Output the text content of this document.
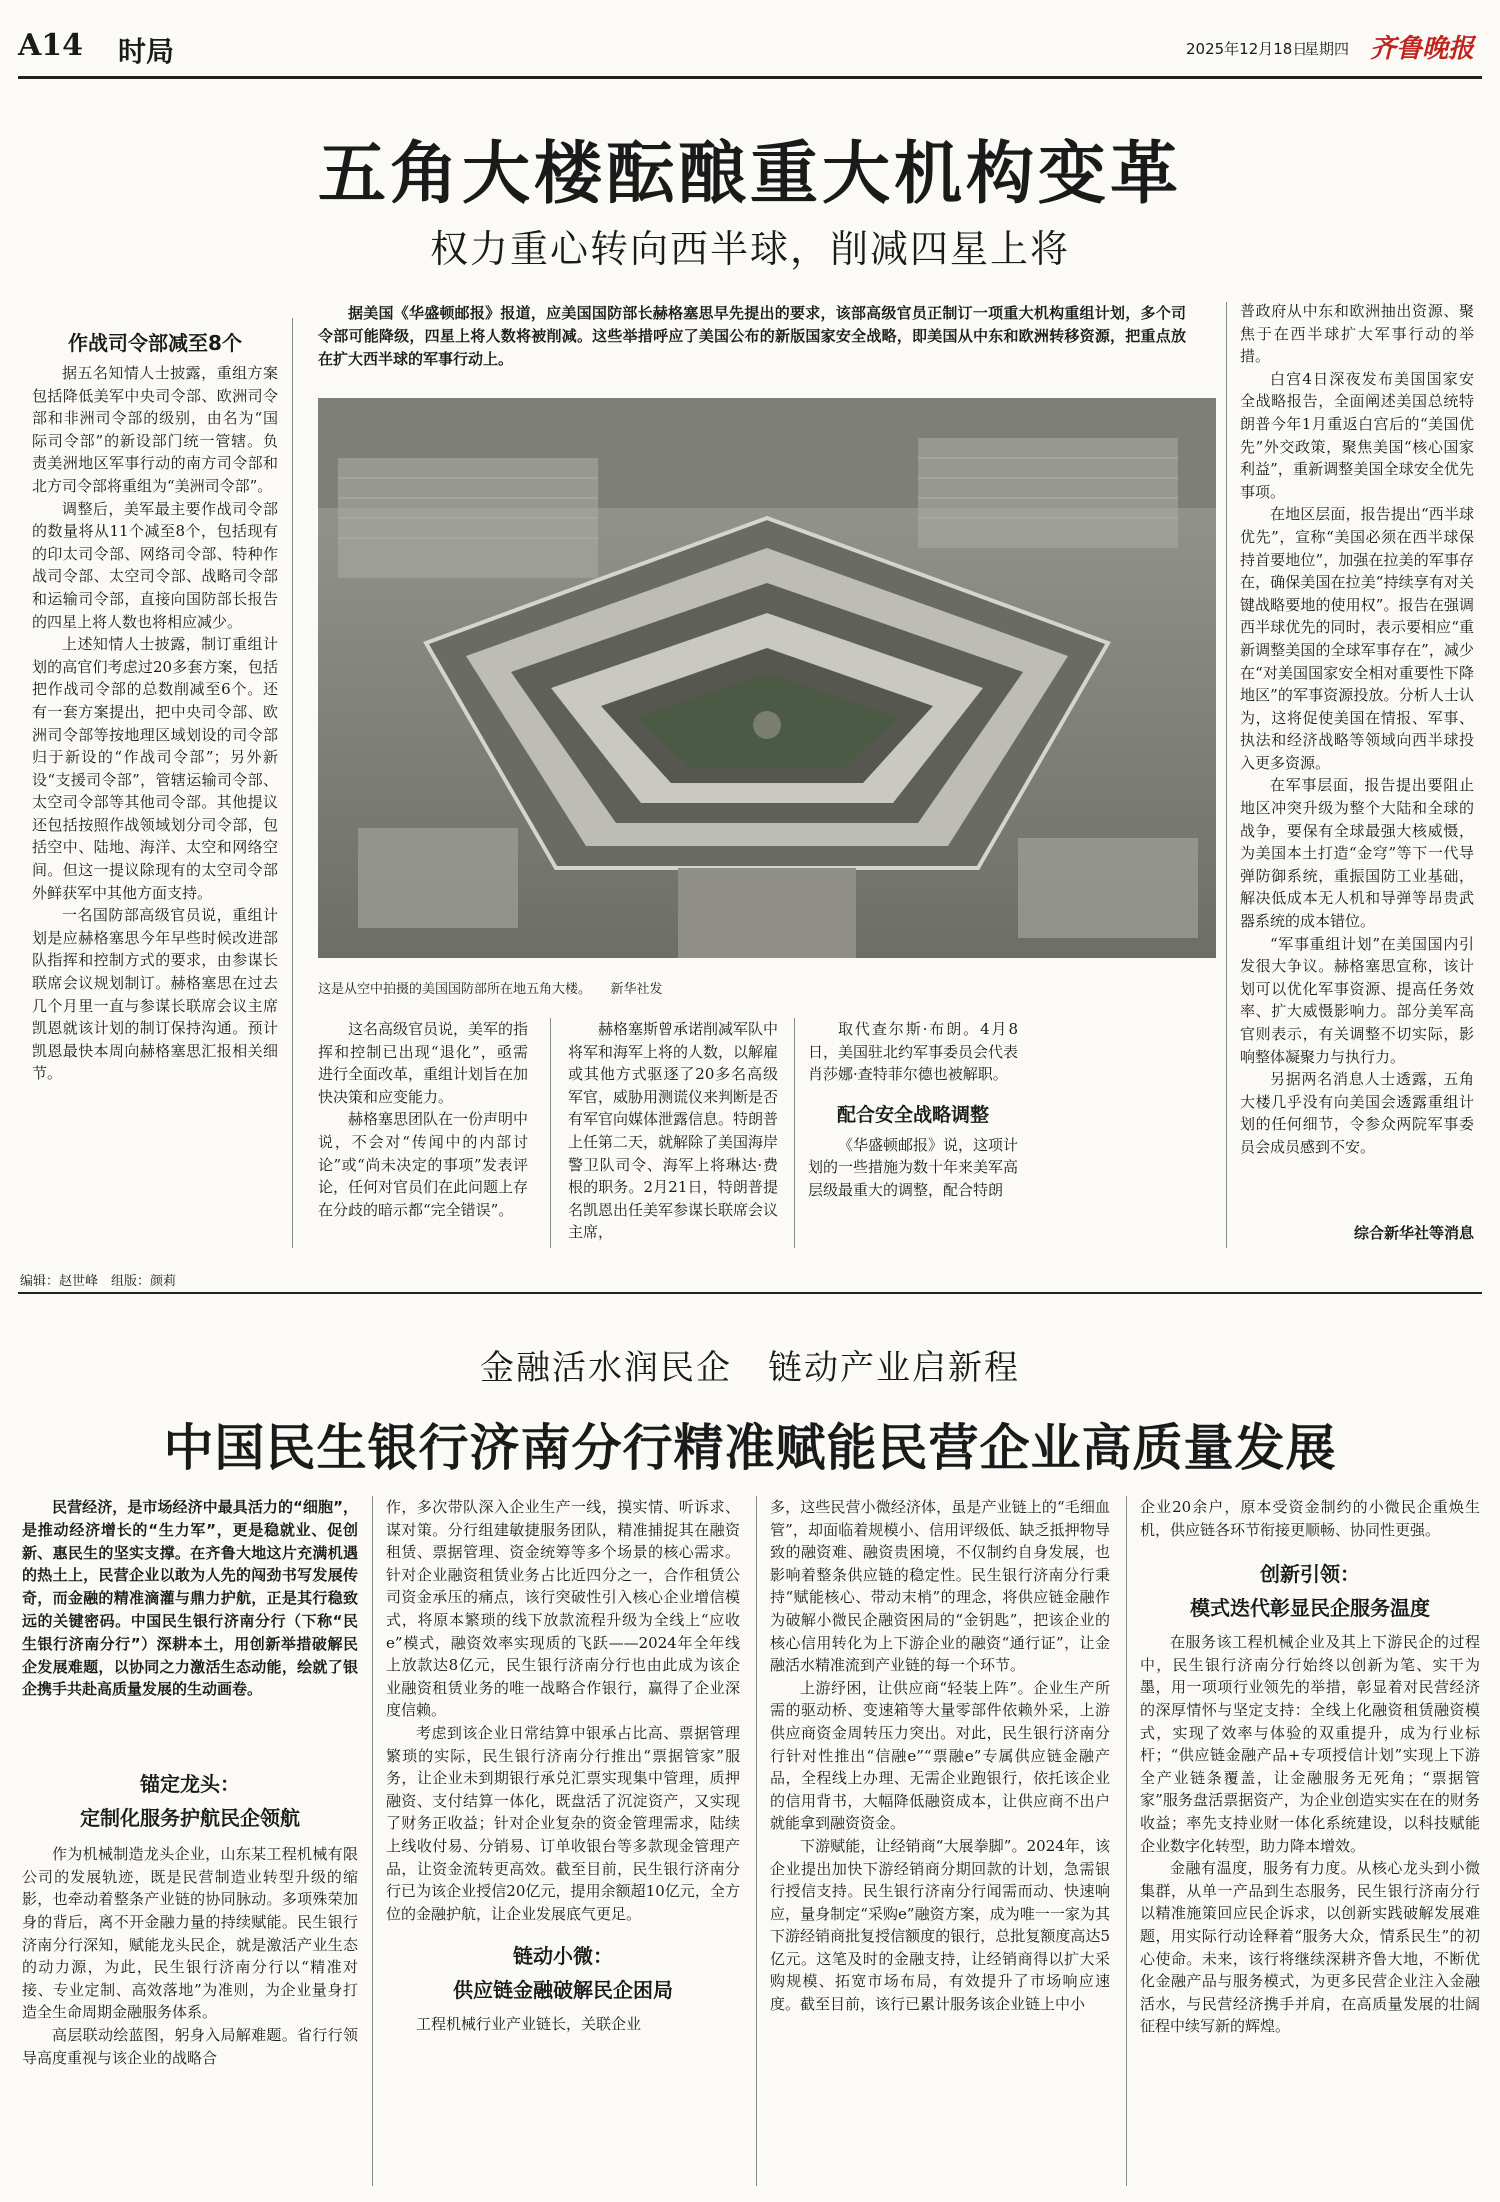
A14 时局	2025年12月18日
星期四 齐鲁晚报
五角大楼酝酿重大机构变革
权力重心转向西半球，削减四星上将
作战司令部减至8个

据五名知情人士披露，重组方案包括降低美军中央司令部、欧洲司令部和非洲司令部的级别，由名为“国际司令部”的新设部门统一管辖。负责美洲地区军事行动的南方司令部和北方司令部将重组为“美洲司令部”。

调整后，美军最主要作战司令部的数量将从11个减至8个，包括现有的印太司令部、网络司令部、特种作战司令部、太空司令部、战略司令部和运输司令部，直接向国防部长报告的四星上将人数也将相应减少。

上述知情人士披露，制订重组计划的高官们考虑过20多套方案，包括把作战司令部的总数削减至6个。还有一套方案提出，把中央司令部、欧洲司令部等按地理区域划设的司令部归于新设的“作战司令部”；另外新设“支援司令部”，管辖运输司令部、太空司令部等其他司令部。其他提议还包括按照作战领域划分司令部，包括空中、陆地、海洋、太空和网络空间。但这一提议除现有的太空司令部外鲜获军中其他方面支持。

一名国防部高级官员说，重组计划是应赫格塞思今年早些时候改进部队指挥和控制方式的要求，由参谋长联席会议规划制订。赫格塞思在过去几个月里一直与参谋长联席会议主席凯恩就该计划的制订保持沟通。预计凯恩最快本周向赫格塞思汇报相关细节。

据美国《华盛顿邮报》报道，应美国国防部长赫格塞思早先提出的要求，该部高级官员正制订一项重大机构重组计划，多个司令部可能降级，四星上将人数将被削减。这些举措呼应了美国公布的新版国家安全战略，即美国从中东和欧洲转移资源，把重点放在扩大西半球的军事行动上。
这是从空中拍摄的美国国防部所在地五角大楼。　　新华社发

这名高级官员说，美军的指挥和控制已出现“退化”，亟需进行全面改革，重组计划旨在加快决策和应变能力。

赫格塞思团队在一份声明中说，不会对“传闻中的内部讨论”或“尚未决定的事项”发表评论，任何对官员们在此问题上存在分歧的暗示都“完全错误”。

赫格塞斯曾承诺削减军队中将军和海军上将的人数，以解雇或其他方式驱逐了20多名高级军官，威胁用测谎仪来判断是否有军官向媒体泄露信息。特朗普上任第二天，就解除了美国海岸警卫队司令、海军上将琳达·费根的职务。2月21日，特朗普提名凯恩出任美军参谋长联席会议主席，

取代查尔斯·布朗。4月8日，美国驻北约军事委员会代表肖莎娜·查特菲尔德也被解职。

配合安全战略调整

《华盛顿邮报》说，这项计划的一些措施为数十年来美军高层级最重大的调整，配合特朗

普政府从中东和欧洲抽出资源、聚焦于在西半球扩大军事行动的举措。

白宫4日深夜发布美国国家安全战略报告，全面阐述美国总统特朗普今年1月重返白宫后的“美国优先”外交政策，聚焦美国“核心国家利益”，重新调整美国全球安全优先事项。

在地区层面，报告提出“西半球优先”，宣称“美国必须在西半球保持首要地位”，加强在拉美的军事存在，确保美国在拉美“持续享有对关键战略要地的使用权”。报告在强调西半球优先的同时，表示要相应“重新调整美国的全球军事存在”，减少在“对美国国家安全相对重要性下降地区”的军事资源投放。分析人士认为，这将促使美国在情报、军事、执法和经济战略等领域向西半球投入更多资源。

在军事层面，报告提出要阻止地区冲突升级为整个大陆和全球的战争，要保有全球最强大核威慑，为美国本土打造“金穹”等下一代导弹防御系统，重振国防工业基础，解决低成本无人机和导弹等昂贵武器系统的成本错位。

“军事重组计划”在美国国内引发很大争议。赫格塞思宣称，该计划可以优化军事资源、提高任务效率、扩大威慑影响力。部分美军高官则表示，有关调整不切实际，影响整体凝聚力与执行力。

另据两名消息人士透露，五角大楼几乎没有向美国会透露重组计划的任何细节，令参众两院军事委员会成员感到不安。

综合新华社等消息
编辑：赵世峰　组版：颜莉
金融活水润民企　链动产业启新程
中国民生银行济南分行精准赋能民营企业高质量发展

民营经济，是市场经济中最具活力的“细胞”，是推动经济增长的“生力军”，更是稳就业、促创新、惠民生的坚实支撑。在齐鲁大地这片充满机遇的热土上，民营企业以敢为人先的闯劲书写发展传奇，而金融的精准滴灌与鼎力护航，正是其行稳致远的关键密码。中国民生银行济南分行（下称“民生银行济南分行”）深耕本土，用创新举措破解民企发展难题，以协同之力激活生态动能，绘就了银企携手共赴高质量发展的生动画卷。

锚定龙头：
定制化服务护航民企领航

作为机械制造龙头企业，山东某工程机械有限公司的发展轨迹，既是民营制造业转型升级的缩影，也牵动着整条产业链的协同脉动。多项殊荣加身的背后，离不开金融力量的持续赋能。民生银行济南分行深知，赋能龙头民企，就是激活产业生态的动力源，为此，民生银行济南分行以“精准对接、专业定制、高效落地”为准则，为企业量身打造全生命周期金融服务体系。

高层联动绘蓝图，躬身入局解难题。省行行领导高度重视与该企业的战略合

作，多次带队深入企业生产一线，摸实情、听诉求、谋对策。分行组建敏捷服务团队，精准捕捉其在融资租赁、票据管理、资金统筹等多个场景的核心需求。针对企业融资租赁业务占比近四分之一，合作租赁公司资金承压的痛点，该行突破性引入核心企业增信模式，将原本繁琐的线下放款流程升级为全线上“应收e”模式，融资效率实现质的飞跃——2024年全年线上放款达8亿元，民生银行济南分行也由此成为该企业融资租赁业务的唯一战略合作银行，赢得了企业深度信赖。

考虑到该企业日常结算中银承占比高、票据管理繁琐的实际，民生银行济南分行推出“票据管家”服务，让企业未到期银行承兑汇票实现集中管理，质押融资、支付结算一体化，既盘活了沉淀资产，又实现了财务正收益；针对企业复杂的资金管理需求，陆续上线收付易、分销易、订单收银台等多款现金管理产品，让资金流转更高效。截至目前，民生银行济南分行已为该企业授信20亿元，提用余额超10亿元，全方位的金融护航，让企业发展底气更足。

链动小微：
供应链金融破解民企困局

工程机械行业产业链长，关联企业

多，这些民营小微经济体，虽是产业链上的“毛细血管”，却面临着规模小、信用评级低、缺乏抵押物导致的融资难、融资贵困境，不仅制约自身发展，也影响着整条供应链的稳定性。民生银行济南分行秉持“赋能核心、带动末梢”的理念，将供应链金融作为破解小微民企融资困局的“金钥匙”，把该企业的核心信用转化为上下游企业的融资“通行证”，让金融活水精准流到产业链的每一个环节。

上游纾困，让供应商“轻装上阵”。企业生产所需的驱动桥、变速箱等大量零部件依赖外采，上游供应商资金周转压力突出。对此，民生银行济南分行针对性推出“信融e”“票融e”专属供应链金融产品，全程线上办理、无需企业跑银行，依托该企业的信用背书，大幅降低融资成本，让供应商不出户就能拿到融资资金。

下游赋能，让经销商“大展拳脚”。2024年，该企业提出加快下游经销商分期回款的计划，急需银行授信支持。民生银行济南分行闻需而动、快速响应，量身制定“采购e”融资方案，成为唯一一家为其下游经销商批复授信额度的银行，总批复额度高达5亿元。这笔及时的金融支持，让经销商得以扩大采购规模、拓宽市场布局，有效提升了市场响应速度。截至目前，该行已累计服务该企业链上中小

企业20余户，原本受资金制约的小微民企重焕生机，供应链各环节衔接更顺畅、协同性更强。

创新引领：
模式迭代彰显民企服务温度

在服务该工程机械企业及其上下游民企的过程中，民生银行济南分行始终以创新为笔、实干为墨，用一项项行业领先的举措，彰显着对民营经济的深厚情怀与坚定支持：全线上化融资租赁融资模式，实现了效率与体验的双重提升，成为行业标杆；“供应链金融产品+专项授信计划”实现上下游全产业链条覆盖，让金融服务无死角；“票据管家”服务盘活票据资产，为企业创造实实在在的财务收益；率先支持业财一体化系统建设，以科技赋能企业数字化转型，助力降本增效。

金融有温度，服务有力度。从核心龙头到小微集群，从单一产品到生态服务，民生银行济南分行以精准施策回应民企诉求，以创新实践破解发展难题，用实际行动诠释着“服务大众，情系民生”的初心使命。未来，该行将继续深耕齐鲁大地，不断优化金融产品与服务模式，为更多民营企业注入金融活水，与民营经济携手并肩，在高质量发展的壮阔征程中续写新的辉煌。
